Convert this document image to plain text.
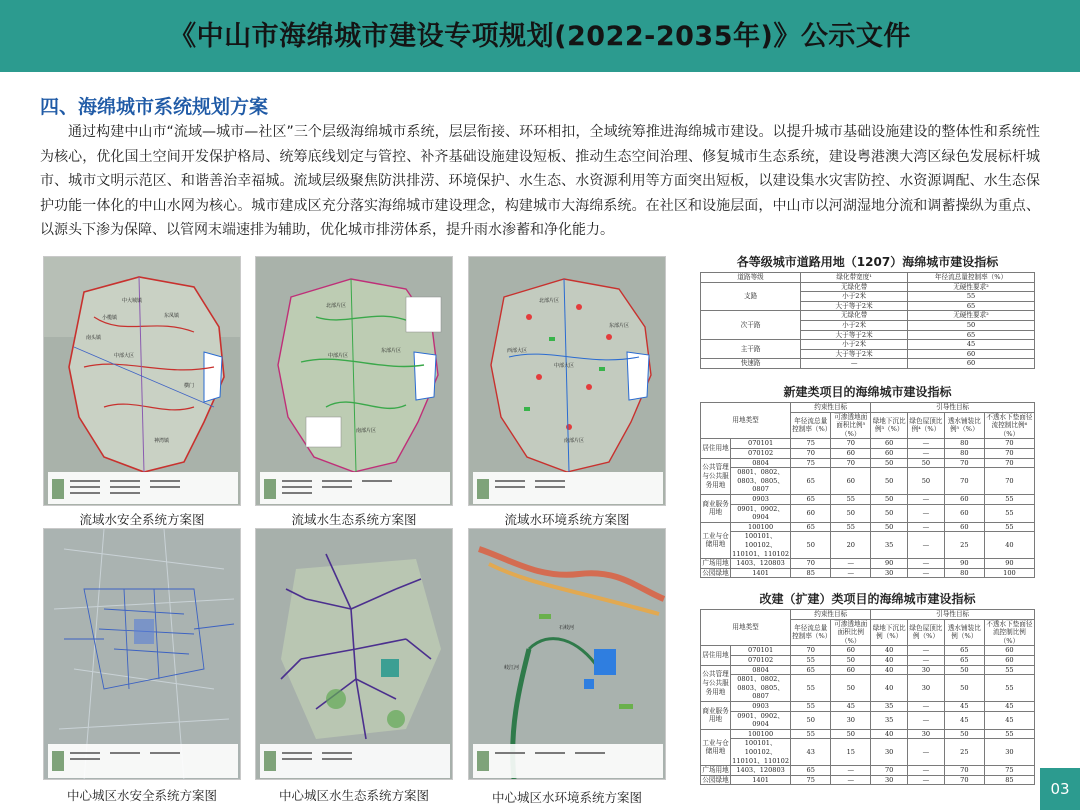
《中山市海绵城市建设专项规划(2022-2035年)》公示文件
四、海绵城市系统规划方案

通过构建中山市“流域—城市—社区”三个层级海绵城市系统，层层衔接、环环相扣，全域统筹推进海绵城市建设。以提升城市基础设施建设的整体性和系统性为核心，优化国土空间开发保护格局、统筹底线划定与管控、补齐基础设施建设短板、推动生态空间治理、修复城市生态系统，建设粤港澳大湾区绿色发展标杆城市、城市文明示范区、和谐善治幸福城。流域层级聚焦防洪排涝、环境保护、水生态、水资源利用等方面突出短板，以建设集水灾害防控、水资源调配、水生态保护功能一体化的中山水网为核心。城市建成区充分落实海绵城市建设理念，构建城市大海绵系统。在社区和设施层面，中山市以河湖湿地分流和调蓄操纵为重点、以源头下渗为保障、以管网末端速排为辅助，优化城市排涝体系，提升雨水渗蓄和净化能力。

中大城镇
小榄镇	东凤镇
南头镇
中部大区
横门
神湾镇
流域水安全系统方案图
北部片区
中部片区
东部片区
南部片区
流域水生态系统方案图
北部片区
西部大区
中部大区
东部片区
南部片区
流域水环境系统方案图
中心城区水安全系统方案图	中心城区水生态系统方案图
岐江河
石岐河
中心城区水环境系统方案图
各等级城市道路用地（1207）海绵城市建设指标
道路等级	绿化带宽度¹	年径流总量控制率（%）
支路	无绿化带	无硬性要求²
	小于2米	55
	大于等于2米	65
次干路	无绿化带	无硬性要求²
	小于2米	50
	大于等于2米	65
主干路	小于2米	45
	大于等于2米	60
快速路	—	60
新建类项目的海绵城市建设指标
用地类型		约束性目标		引导性目标			
		年径流总量控制率（%）	可渗透地面面积比例⁵（%）	绿地下沉比例³（%）	绿色屋顶比例⁴（%）	透水铺装比例⁵（%）	不透水下垫面径流控制比例⁶（%）
居住用地	070101	75	70	60	—	80	70
	070102	70	60	60	—	80	70
公共管理与公共服务用地	0804	75	70	50	50	70	70
	0801、0802、0803、0805、0807	65	60	50	50	70	70
商业服务用地	0903	65	55	50	—	60	55
	0901、0902、0904	60	50	50	—	60	55
工业与仓储用地	100100	65	55	50	—	60	55
	100101、100102、110101、110102	50	20	35	—	25	40
广场用地	1403、120803	70	—	90	—	90	90
公园绿地	1401	85	—	30	—	80	100
改建（扩建）类项目的海绵城市建设指标
用地类型		约束性目标		引导性目标			
		年径流总量控制率（%）	可渗透地面面积比例（%）	绿地下沉比例（%）	绿色屋顶比例（%）	透水铺装比例（%）	不透水下垫面径流控制比例（%）
居住用地	070101	70	60	40	—	65	60
	070102	55	50	40	—	65	60
公共管理与公共服务用地	0804	65	60	40	30	50	55
	0801、0802、0803、0805、0807	55	50	40	30	50	55
商业服务用地	0903	55	45	35	—	45	45
	0901、0902、0904	50	30	35	—	45	45
工业与仓储用地	100100	55	50	40	30	50	55
	100101、100102、110101、110102	43	15	30	—	25	30
广场用地	1403、120803	65	—	70	—	70	75
公园绿地	1401	75	—	30	—	70	85
03
